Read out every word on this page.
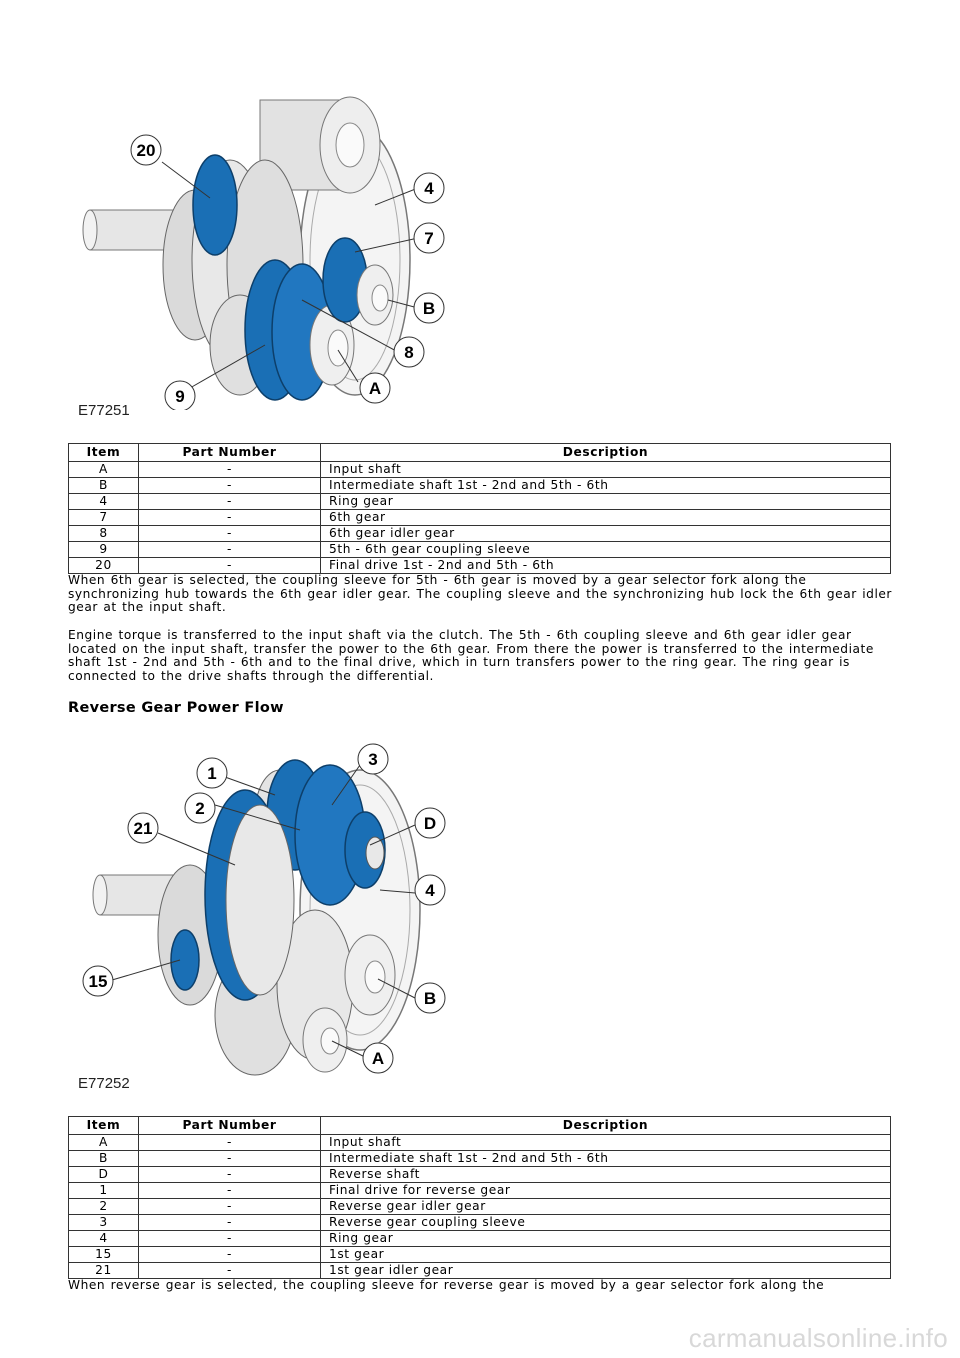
20
4
7
B
8
A
9
E77251
Item	Part Number	Description
A	-	Input shaft
B	-	Intermediate shaft 1st - 2nd and 5th - 6th
4	-	Ring gear
7	-	6th gear
8	-	6th gear idler gear
9	-	5th - 6th gear coupling sleeve
20	-	Final drive 1st - 2nd and 5th - 6th

When 6th gear is selected, the coupling sleeve for 5th - 6th gear is moved by a gear selector fork along the synchronizing hub towards the 6th gear idler gear. The coupling sleeve and the synchronizing hub lock the 6th gear idler gear at the input shaft.

Engine torque is transferred to the input shaft via the clutch. The 5th - 6th coupling sleeve and 6th gear idler gear located on the input shaft, transfer the power to the 6th gear. From there the power is transferred to the intermediate shaft 1st - 2nd and 5th - 6th and to the final drive, which in turn transfers power to the ring gear. The ring gear is connected to the drive shafts through the differential.

Reverse Gear Power Flow
1
3
2
D
21
4
15
B
A
E77252
Item	Part Number	Description
A	-	Input shaft
B	-	Intermediate shaft 1st - 2nd and 5th - 6th
D	-	Reverse shaft
1	-	Final drive for reverse gear
2	-	Reverse gear idler gear
3	-	Reverse gear coupling sleeve
4	-	Ring gear
15	-	1st gear
21	-	1st gear idler gear

When reverse gear is selected, the coupling sleeve for reverse gear is moved by a gear selector fork along the

carmanualsonline.info
